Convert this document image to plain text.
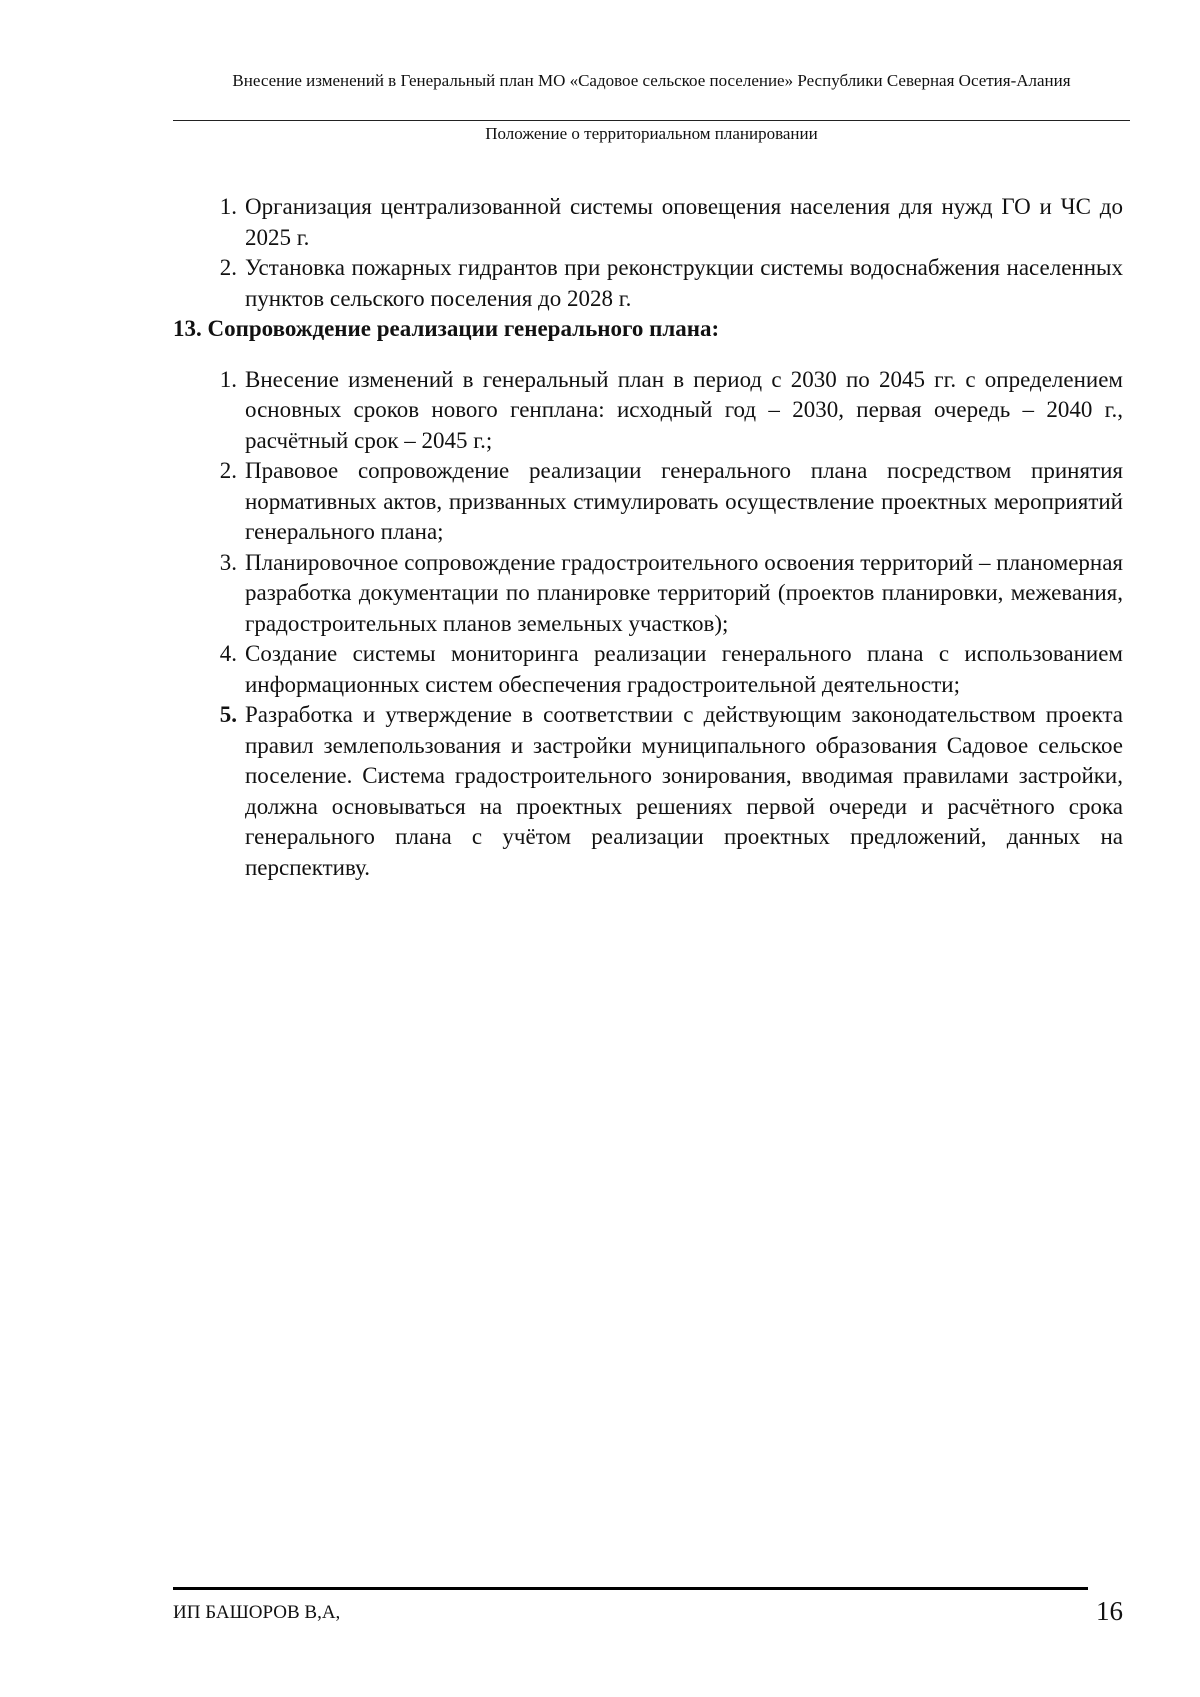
Внесение изменений в Генеральный план МО «Садовое сельское поселение» Республики Северная Осетия-Алания
Положение о территориальном планировании
1. Организация централизованной системы оповещения населения для нужд ГО и ЧС до 2025 г.
2. Установка пожарных гидрантов при реконструкции системы водоснабжения населенных пунктов сельского поселения до 2028 г.
13. Сопровождение реализации генерального плана:
1. Внесение изменений в генеральный план в период с 2030 по 2045 гг. с определением основных сроков нового генплана: исходный год – 2030, первая очередь – 2040 г., расчётный срок – 2045 г.;
2. Правовое сопровождение реализации генерального плана посредством принятия нормативных актов, призванных стимулировать осуществление проектных мероприятий генерального плана;
3. Планировочное сопровождение градостроительного освоения территорий – планомерная разработка документации по планировке территорий (проектов планировки, межевания, градостроительных планов земельных участков);
4. Создание системы мониторинга реализации генерального плана с использованием информационных систем обеспечения градостроительной деятельности;
5. Разработка и утверждение в соответствии с действующим законодательством проекта правил землепользования и застройки муниципального образования Садовое сельское поселение. Система градостроительного зонирования, вводимая правилами застройки, должна основываться на проектных решениях первой очереди и расчётного срока генерального плана с учётом реализации проектных предложений, данных на перспективу.
ИП БАШОРОВ В,А,	16
